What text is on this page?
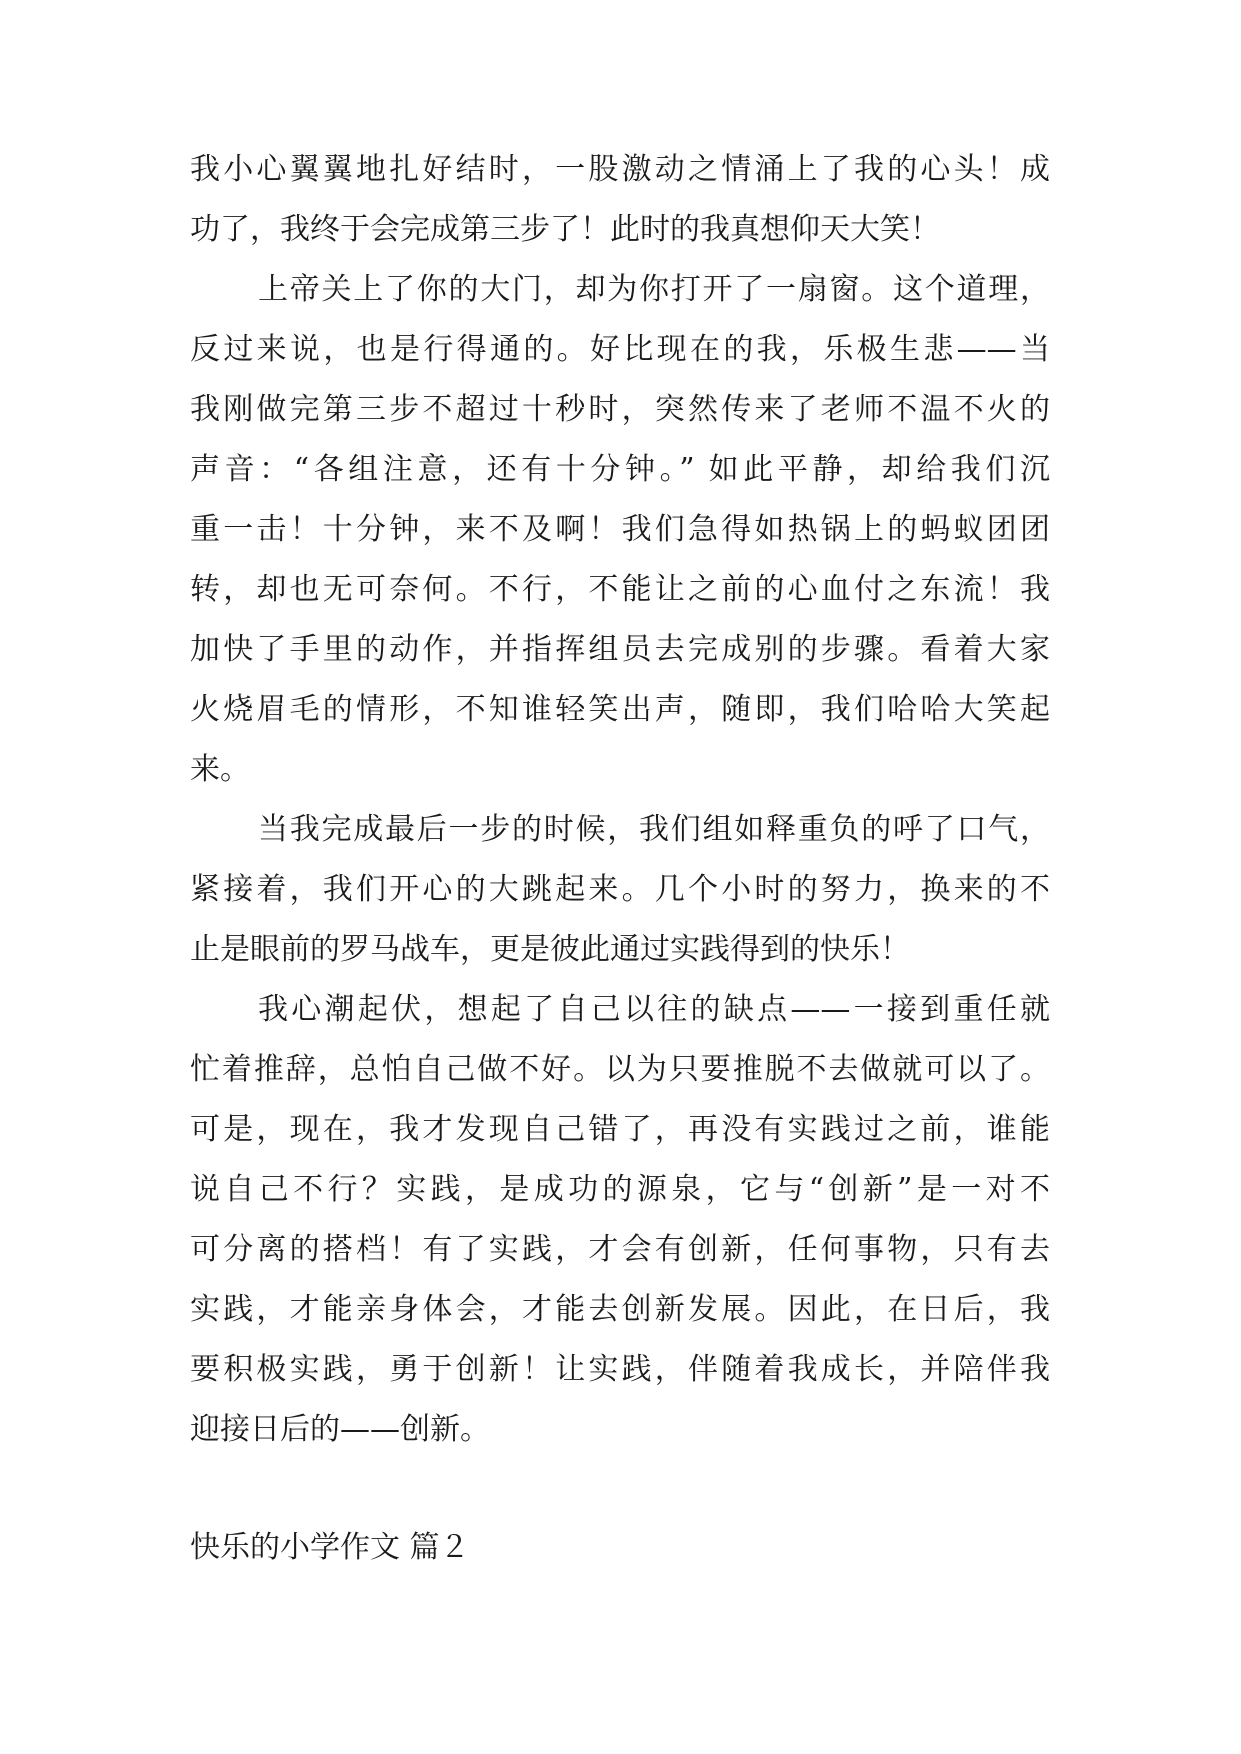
我小心翼翼地扎好结时，一股激动之情涌上了我的心头！成
功了，我终于会完成第三步了！此时的我真想仰天大笑！
上帝关上了你的大门，却为你打开了一扇窗。这个道理，
反过来说，也是行得通的。好比现在的我，乐极生悲——当
我刚做完第三步不超过十秒时，突然传来了老师不温不火的
声音：“各组注意，还有十分钟。” 如此平静，却给我们沉
重一击！十分钟，来不及啊！我们急得如热锅上的蚂蚁团团
转，却也无可奈何。不行，不能让之前的心血付之东流！我
加快了手里的动作，并指挥组员去完成别的步骤。看着大家
火烧眉毛的情形，不知谁轻笑出声，随即，我们哈哈大笑起
来。
当我完成最后一步的时候，我们组如释重负的呼了口气，
紧接着，我们开心的大跳起来。几个小时的努力，换来的不
止是眼前的罗马战车，更是彼此通过实践得到的快乐！
我心潮起伏，想起了自己以往的缺点——一接到重任就
忙着推辞，总怕自己做不好。以为只要推脱不去做就可以了。
可是，现在，我才发现自己错了，再没有实践过之前，谁能
说自己不行？实践，是成功的源泉，它与“创新”是一对不
可分离的搭档！有了实践，才会有创新，任何事物，只有去
实践，才能亲身体会，才能去创新发展。因此，在日后，我
要积极实践，勇于创新！让实践，伴随着我成长，并陪伴我
迎接日后的——创新。
快乐的小学作文 篇２
